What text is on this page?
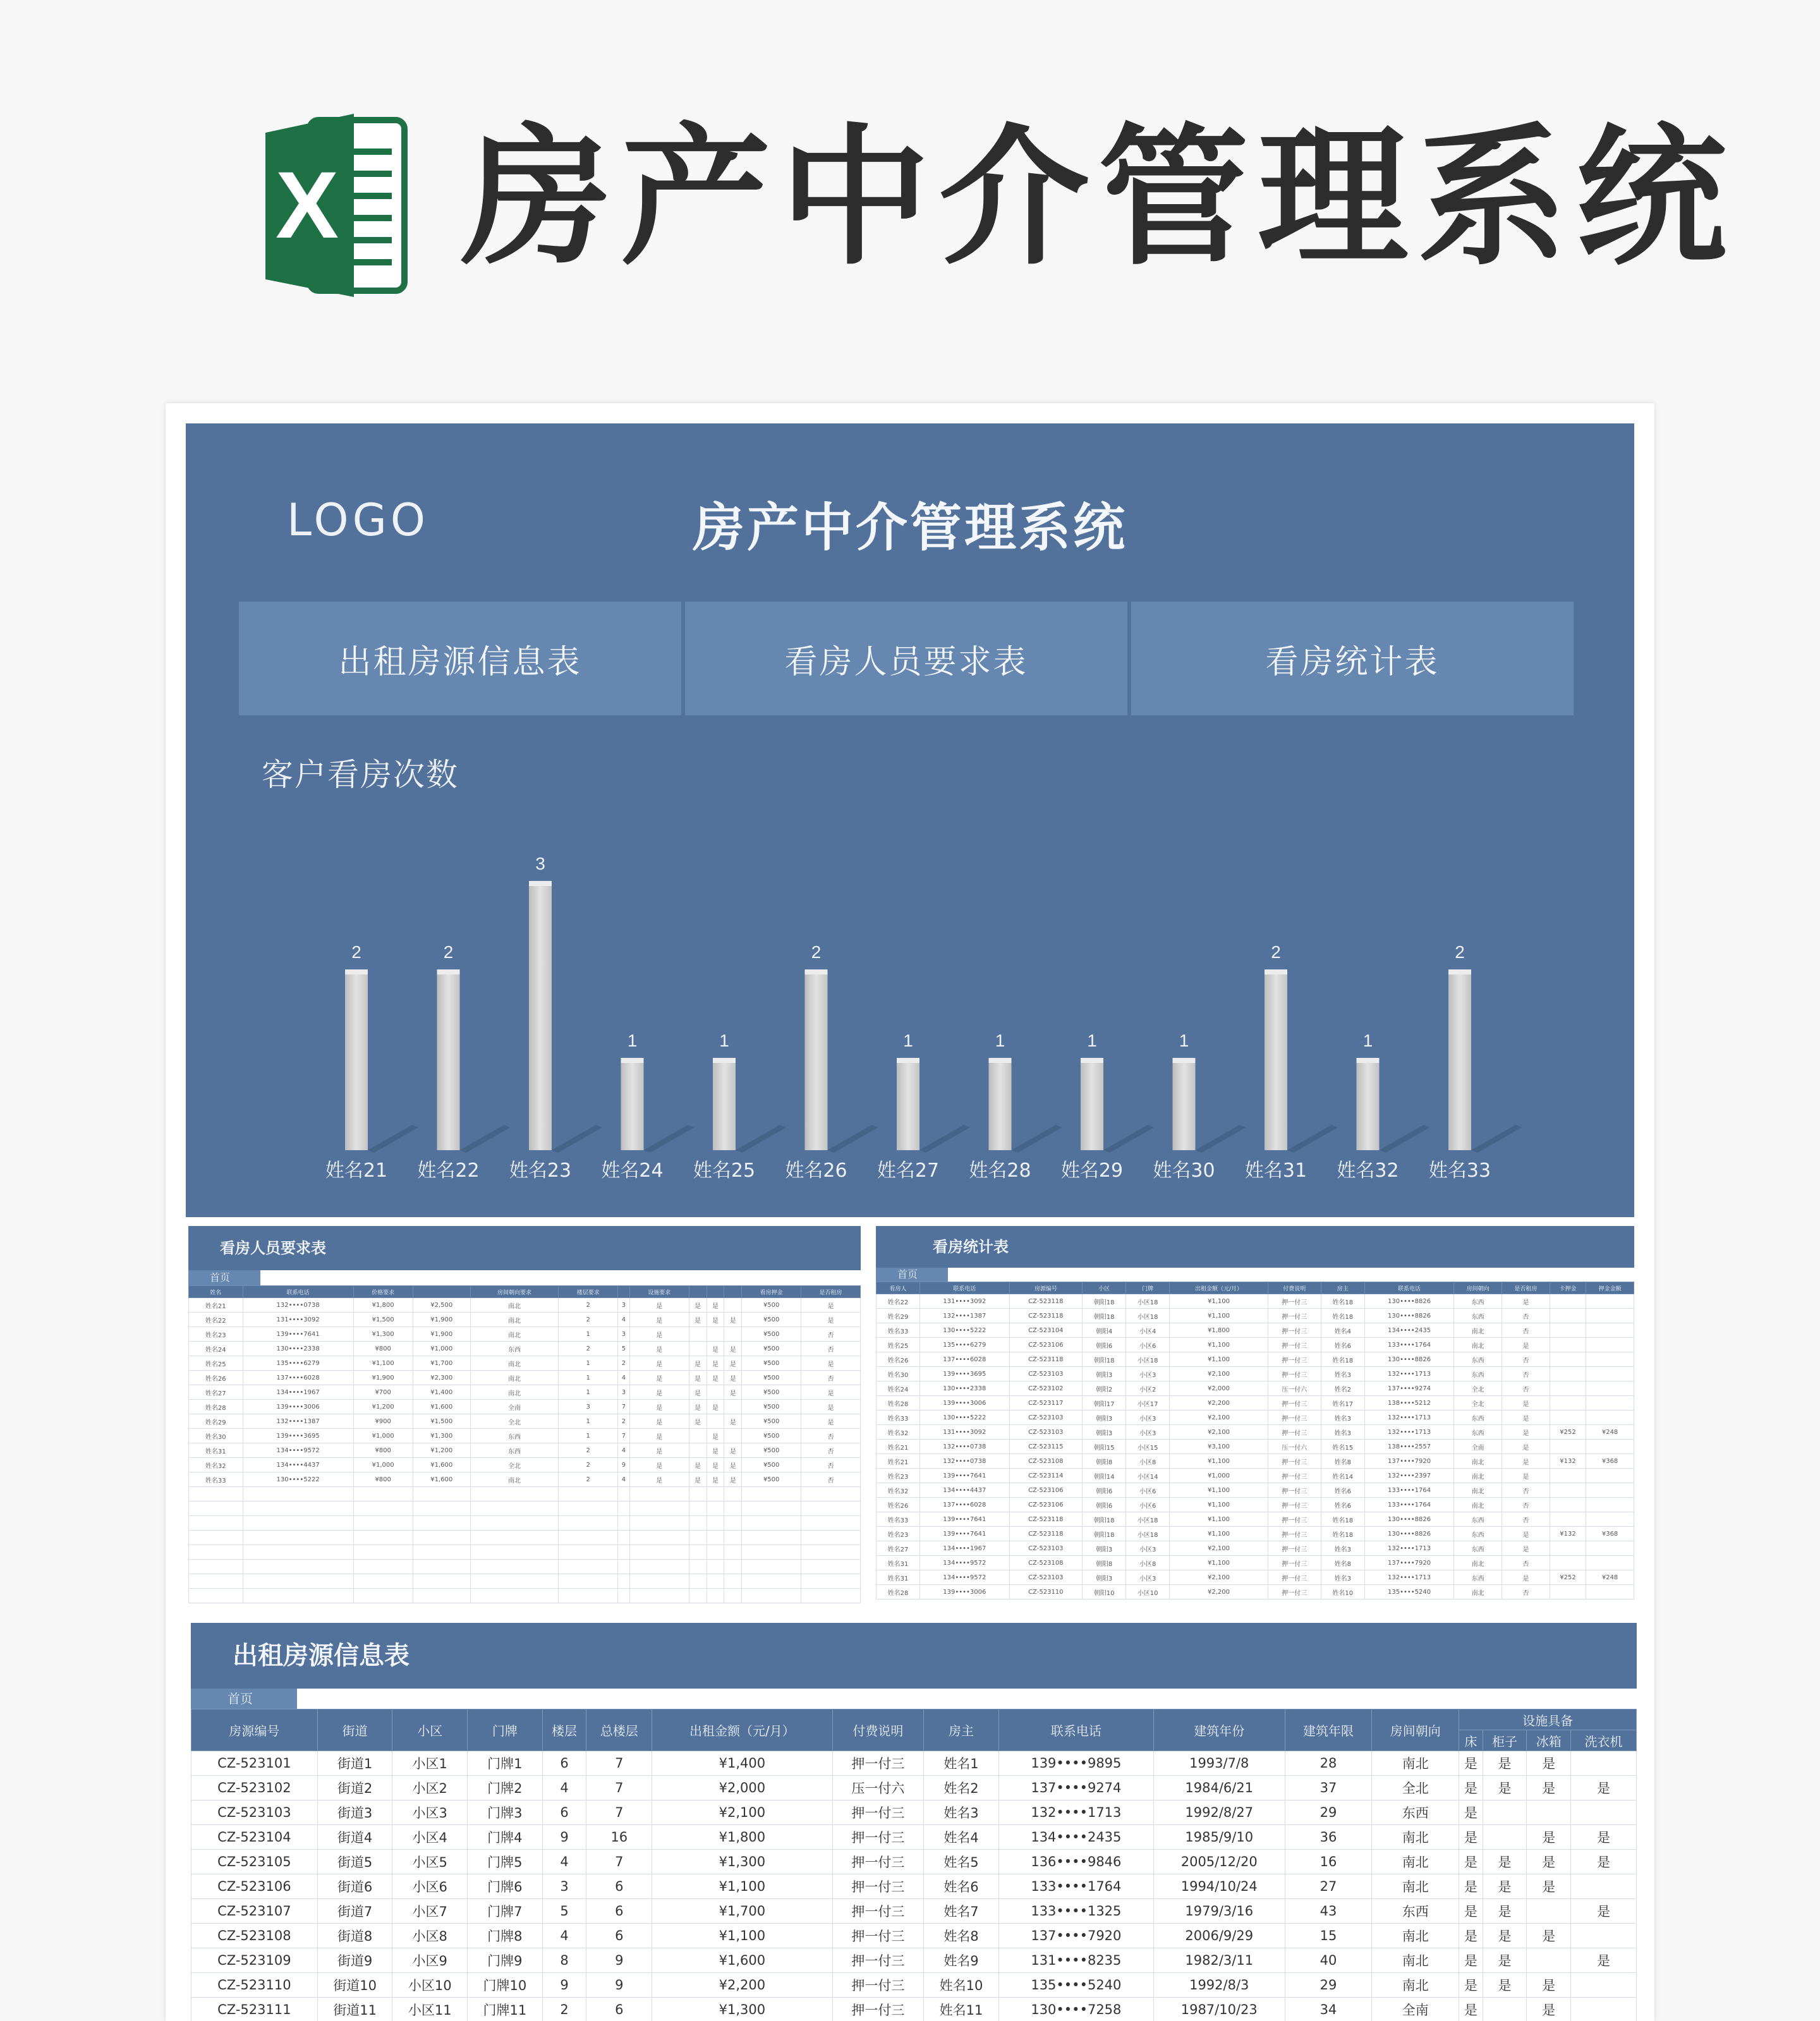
X 房产中介管理系统
LOGO	房产中介管理系统
出租房源信息表	看房人员要求表	看房统计表
客户看房次数
2
姓名21
2
姓名22
3
姓名23
1
姓名24
1
姓名25
2
姓名26
1
姓名27
1
姓名28
1
姓名29
1
姓名30
2
姓名31
1
姓名32
2
姓名33
看房人员要求表
首页
姓名	联系电话	价格要求		房间朝向要求	楼层要求		设施要求				看房押金	是否租房
姓名21	132••••0738	¥1,800	¥2,500	南北	2	3	是	是	是		¥500	是
姓名22	131••••3092	¥1,500	¥1,900	南北	2	4	是	是	是	是	¥500	是
姓名23	139••••7641	¥1,300	¥1,900	南北	1	3	是				¥500	否
姓名24	130••••2338	¥800	¥1,000	东西	2	5	是		是	是	¥500	否
姓名25	135••••6279	¥1,100	¥1,700	南北	1	2	是	是	是	是	¥500	是
姓名26	137••••6028	¥1,900	¥2,300	南北	1	4	是	是	是	是	¥500	否
姓名27	134••••1967	¥700	¥1,400	南北	1	3	是	是		是	¥500	是
姓名28	139••••3006	¥1,200	¥1,600	全南	3	7	是	是	是		¥500	是
姓名29	132••••1387	¥900	¥1,500	全北	1	2	是	是		是	¥500	是
姓名30	139••••3695	¥1,000	¥1,300	东西	1	7	是		是		¥500	否
姓名31	134••••9572	¥800	¥1,200	东西	2	4	是		是	是	¥500	否
姓名32	134••••4437	¥1,000	¥1,600	全北	2	9	是	是	是	是	¥500	否
姓名33	130••••5222	¥800	¥1,600	南北	2	4	是	是	是	是	¥500	否

看房统计表
首页
看房人	联系电话	房源编号	小区	门牌	出租金额（元/月）	付费说明	房主	联系电话	房间朝向	是否租房	卡押金	押金金额
姓名22	131••••3092	CZ-523118	朝阳18	小区18	¥1,100	押一付三	姓名18	130••••8826	东西	是		
姓名29	132••••1387	CZ-523118	朝阳18	小区18	¥1,100	押一付三	姓名18	130••••8826	东西	否		
姓名33	130••••5222	CZ-523104	朝阳4	小区4	¥1,800	押一付三	姓名4	134••••2435	南北	否		
姓名25	135••••6279	CZ-523106	朝阳6	小区6	¥1,100	押一付三	姓名6	133••••1764	南北	是		
姓名26	137••••6028	CZ-523118	朝阳18	小区18	¥1,100	押一付三	姓名18	130••••8826	东西	否		
姓名30	139••••3695	CZ-523103	朝阳3	小区3	¥2,100	押一付三	姓名3	132••••1713	东西	否		
姓名24	130••••2338	CZ-523102	朝阳2	小区2	¥2,000	压一付六	姓名2	137••••9274	全北	否		
姓名28	139••••3006	CZ-523117	朝阳17	小区17	¥2,200	押一付三	姓名17	138••••5212	全北	是		
姓名33	130••••5222	CZ-523103	朝阳3	小区3	¥2,100	押一付三	姓名3	132••••1713	东西	是		
姓名32	131••••3092	CZ-523103	朝阳3	小区3	¥2,100	押一付三	姓名3	132••••1713	东西	是	¥252	¥248
姓名21	132••••0738	CZ-523115	朝阳15	小区15	¥3,100	压一付六	姓名15	138••••2557	全南	是		
姓名21	132••••0738	CZ-523108	朝阳8	小区8	¥1,100	押一付三	姓名8	137••••7920	南北	是	¥132	¥368
姓名23	139••••7641	CZ-523114	朝阳14	小区14	¥1,000	押一付三	姓名14	132••••2397	南北	是		
姓名32	134••••4437	CZ-523106	朝阳6	小区6	¥1,100	押一付三	姓名6	133••••1764	南北	否		
姓名26	137••••6028	CZ-523106	朝阳6	小区6	¥1,100	押一付三	姓名6	133••••1764	南北	否		
姓名33	139••••7641	CZ-523118	朝阳18	小区18	¥1,100	押一付三	姓名18	130••••8826	东西	否		
姓名23	139••••7641	CZ-523118	朝阳18	小区18	¥1,100	押一付三	姓名18	130••••8826	东西	是	¥132	¥368
姓名27	134••••1967	CZ-523103	朝阳3	小区3	¥2,100	押一付三	姓名3	132••••1713	东西	是		
姓名31	134••••9572	CZ-523108	朝阳8	小区8	¥1,100	押一付三	姓名8	137••••7920	南北	否		
姓名31	134••••9572	CZ-523103	朝阳3	小区3	¥2,100	押一付三	姓名3	132••••1713	东西	是	¥252	¥248
姓名28	139••••3006	CZ-523110	朝阳10	小区10	¥2,200	押一付三	姓名10	135••••5240	南北	否		
出租房源信息表
首页
房源编号	街道	小区	门牌	楼层	总楼层	出租金额（元/月）	付费说明	房主	联系电话	建筑年份	建筑年限	房间朝向	设施具备			
													床	柜子	冰箱	洗衣机
CZ-523101	街道1	小区1	门牌1	6	7	¥1,400	押一付三	姓名1	139••••9895	1993/7/8	28	南北	是	是	是	
CZ-523102	街道2	小区2	门牌2	4	7	¥2,000	压一付六	姓名2	137••••9274	1984/6/21	37	全北	是	是	是	是
CZ-523103	街道3	小区3	门牌3	6	7	¥2,100	押一付三	姓名3	132••••1713	1992/8/27	29	东西	是			
CZ-523104	街道4	小区4	门牌4	9	16	¥1,800	押一付三	姓名4	134••••2435	1985/9/10	36	南北	是		是	是
CZ-523105	街道5	小区5	门牌5	4	7	¥1,300	押一付三	姓名5	136••••9846	2005/12/20	16	南北	是	是	是	是
CZ-523106	街道6	小区6	门牌6	3	6	¥1,100	押一付三	姓名6	133••••1764	1994/10/24	27	南北	是	是	是	
CZ-523107	街道7	小区7	门牌7	5	6	¥1,700	押一付三	姓名7	133••••1325	1979/3/16	43	东西	是	是		是
CZ-523108	街道8	小区8	门牌8	4	6	¥1,100	押一付三	姓名8	137••••7920	2006/9/29	15	南北	是	是	是	
CZ-523109	街道9	小区9	门牌9	8	9	¥1,600	押一付三	姓名9	131••••8235	1982/3/11	40	南北	是	是		是
CZ-523110	街道10	小区10	门牌10	9	9	¥2,200	押一付三	姓名10	135••••5240	1992/8/3	29	南北	是	是	是	
CZ-523111	街道11	小区11	门牌11	2	6	¥1,300	押一付三	姓名11	130••••7258	1987/10/23	34	全南	是		是	
